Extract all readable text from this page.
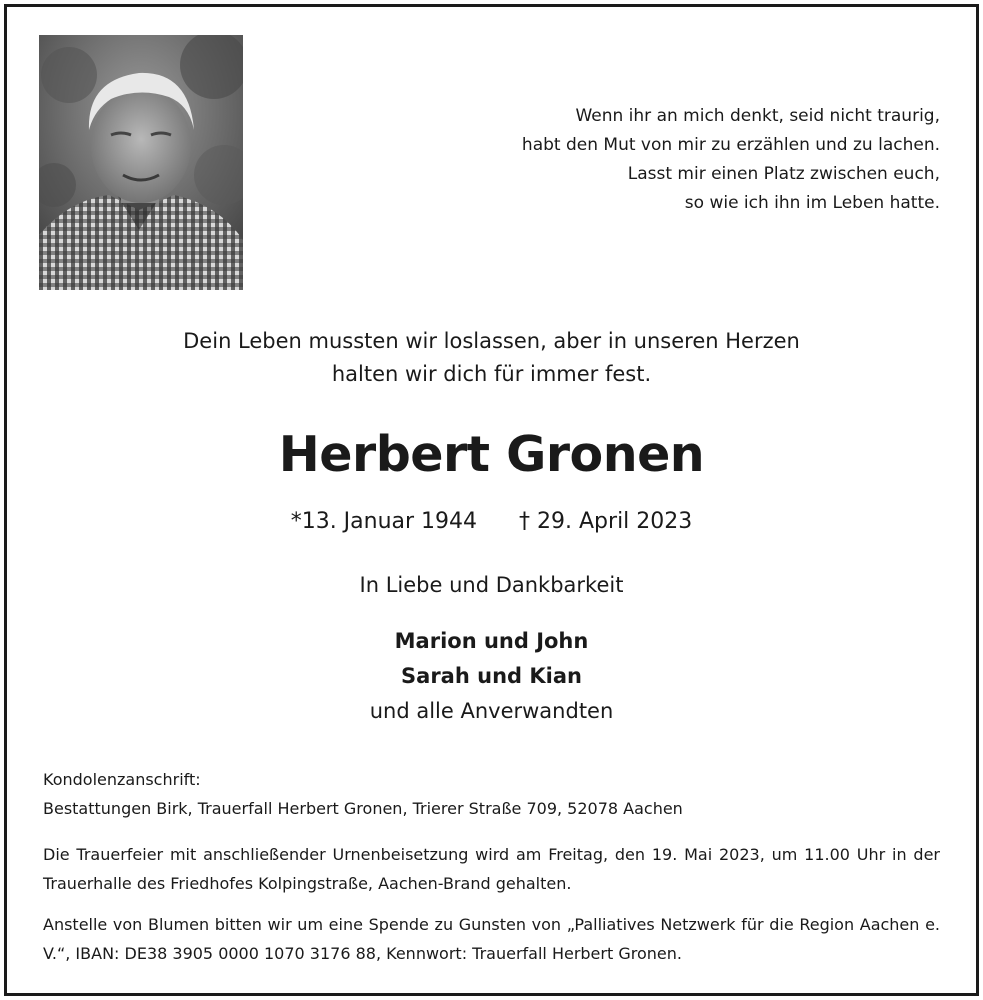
Wenn ihr an mich denkt, seid nicht traurig,
habt den Mut von mir zu erzählen und zu lachen.
Lasst mir einen Platz zwischen euch,
so wie ich ihn im Leben hatte.
Dein Leben mussten wir loslassen, aber in unseren Herzen
halten wir dich für immer fest.
Herbert Gronen
*13. Januar 1944 † 29. April 2023
In Liebe und Dankbarkeit
Marion und John
Sarah und Kian
und alle Anverwandten
Kondolenzanschrift:
Bestattungen Birk, Trauerfall Herbert Gronen, Trierer Straße 709, 52078 Aachen
Die Trauerfeier mit anschließender Urnenbeisetzung wird am Freitag, den 19. Mai 2023, um 11.00 Uhr in der Trauerhalle des Friedhofes Kolpingstraße, Aachen-Brand gehalten.
Anstelle von Blumen bitten wir um eine Spende zu Gunsten von „Palliatives Netzwerk für die Region Aachen e. V.“, IBAN: DE38 3905 0000 1070 3176 88, Kennwort: Trauerfall Herbert Gronen.
